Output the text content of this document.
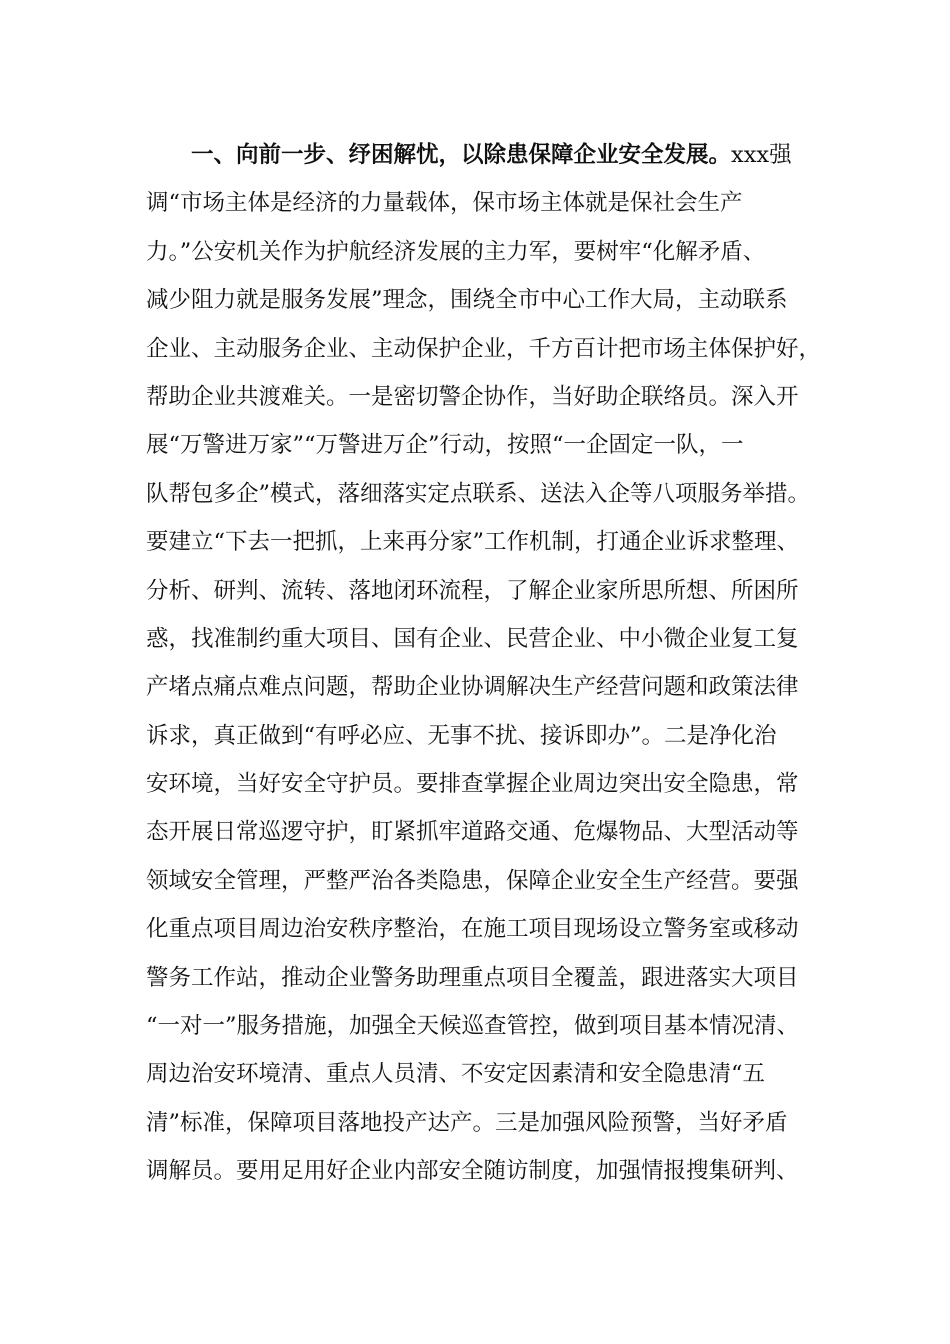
一、向前一步、纾困解忧，以除患保障企业安全发展。xxx强
调“市场主体是经济的力量载体，保市场主体就是保社会生产
力。”公安机关作为护航经济发展的主力军，要树牢“化解矛盾、
减少阻力就是服务发展”理念，围绕全市中心工作大局，主动联系
企业、主动服务企业、主动保护企业，千方百计把市场主体保护好，
帮助企业共渡难关。一是密切警企协作，当好助企联络员。深入开
展“万警进万家”“万警进万企”行动，按照“一企固定一队，一
队帮包多企”模式，落细落实定点联系、送法入企等八项服务举措。
要建立“下去一把抓，上来再分家”工作机制，打通企业诉求整理、
分析、研判、流转、落地闭环流程，了解企业家所思所想、所困所
惑，找准制约重大项目、国有企业、民营企业、中小微企业复工复
产堵点痛点难点问题，帮助企业协调解决生产经营问题和政策法律
诉求，真正做到“有呼必应、无事不扰、接诉即办”。二是净化治
安环境，当好安全守护员。要排查掌握企业周边突出安全隐患，常
态开展日常巡逻守护，盯紧抓牢道路交通、危爆物品、大型活动等
领域安全管理，严整严治各类隐患，保障企业安全生产经营。要强
化重点项目周边治安秩序整治，在施工项目现场设立警务室或移动
警务工作站，推动企业警务助理重点项目全覆盖，跟进落实大项目
“一对一”服务措施，加强全天候巡查管控，做到项目基本情况清、
周边治安环境清、重点人员清、不安定因素清和安全隐患清“五
清”标准，保障项目落地投产达产。三是加强风险预警，当好矛盾
调解员。要用足用好企业内部安全随访制度，加强情报搜集研判、
